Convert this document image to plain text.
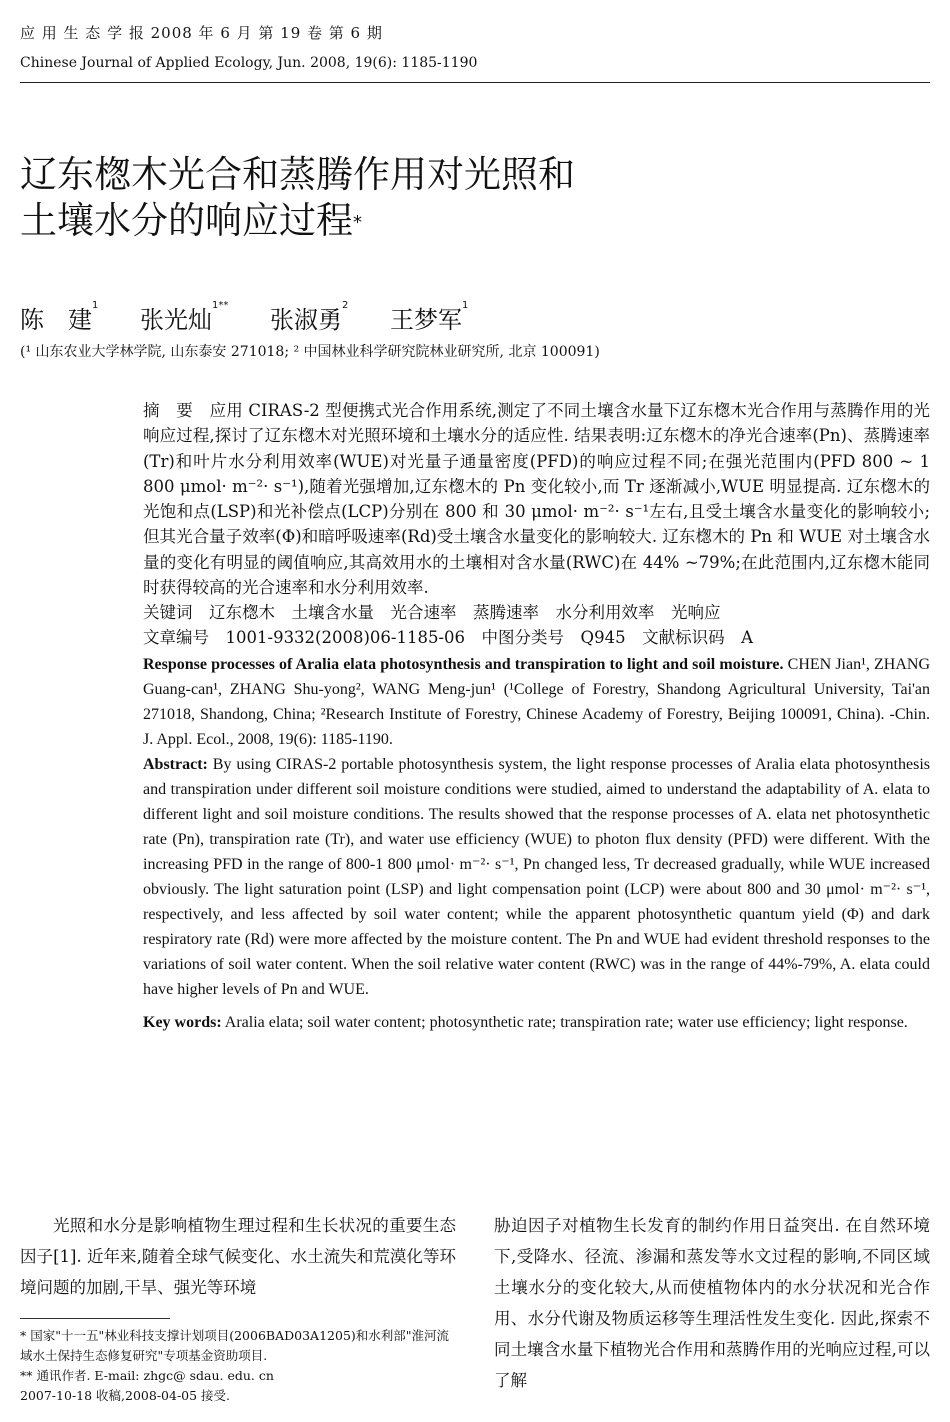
应 用 生 态 学 报 2008 年 6 月 第 19 卷 第 6 期
Chinese Journal of Applied Ecology, Jun. 2008, 19(6): 1185-1190
辽东楤木光合和蒸腾作用对光照和
土壤水分的响应过程*
陈　建$^1$ 张光灿$^{1**}$ 张淑勇$^2$ 王梦军$^1$
(¹ 山东农业大学林学院, 山东泰安 271018; ² 中国林业科学研究院林业研究所, 北京 100091)
摘　要　 应用 CIRAS-2 型便携式光合作用系统,测定了不同土壤含水量下辽东楤木光合作用与蒸腾作用的光响应过程,探讨了辽东楤木对光照环境和土壤水分的适应性. 结果表明:辽东楤木的净光合速率(Pn)、蒸腾速率(Tr)和叶片水分利用效率(WUE)对光量子通量密度(PFD)的响应过程不同;在强光范围内(PFD 800 ~ 1 800 μmol· m⁻²· s⁻¹),随着光强增加,辽东楤木的 Pn 变化较小,而 Tr 逐渐减小,WUE 明显提高. 辽东楤木的光饱和点(LSP)和光补偿点(LCP)分别在 800 和 30 μmol· m⁻²· s⁻¹左右,且受土壤含水量变化的影响较小;但其光合量子效率(Φ)和暗呼吸速率(Rd)受土壤含水量变化的影响较大. 辽东楤木的 Pn 和 WUE 对土壤含水量的变化有明显的阈值响应,其高效用水的土壤相对含水量(RWC)在 44% ~79%;在此范围内,辽东楤木能同时获得较高的光合速率和水分利用效率.
关键词　 辽东楤木　土壤含水量　光合速率　蒸腾速率　水分利用效率　光响应
文章编号　1001-9332(2008)06-1185-06　中图分类号　Q945　文献标识码　A
Response processes of Aralia elata photosynthesis and transpiration to light and soil moisture. CHEN Jian¹, ZHANG Guang-can¹, ZHANG Shu-yong², WANG Meng-jun¹ (¹College of Forestry, Shandong Agricultural University, Tai'an 271018, Shandong, China; ²Research Institute of Forestry, Chinese Academy of Forestry, Beijing 100091, China). -Chin. J. Appl. Ecol., 2008, 19(6): 1185-1190.
Abstract: By using CIRAS-2 portable photosynthesis system, the light response processes of Aralia elata photosynthesis and transpiration under different soil moisture conditions were studied, aimed to understand the adaptability of A. elata to different light and soil moisture conditions. The results showed that the response processes of A. elata net photosynthetic rate (Pn), transpiration rate (Tr), and water use efficiency (WUE) to photon flux density (PFD) were different. With the increasing PFD in the range of 800-1 800 μmol· m⁻²· s⁻¹, Pn changed less, Tr decreased gradually, while WUE increased obviously. The light saturation point (LSP) and light compensation point (LCP) were about 800 and 30 μmol· m⁻²· s⁻¹, respectively, and less affected by soil water content; while the apparent photosynthetic quantum yield (Φ) and dark respiratory rate (Rd) were more affected by the moisture content. The Pn and WUE had evident threshold responses to the variations of soil water content. When the soil relative water content (RWC) was in the range of 44%-79%, A. elata could have higher levels of Pn and WUE.
Key words: Aralia elata; soil water content; photosynthetic rate; transpiration rate; water use efficiency; light response.
光照和水分是影响植物生理过程和生长状况的重要生态因子[1]. 近年来,随着全球气候变化、水土流失和荒漠化等环境问题的加剧,干旱、强光等环境
胁迫因子对植物生长发育的制约作用日益突出. 在自然环境下,受降水、径流、渗漏和蒸发等水文过程的影响,不同区域土壤水分的变化较大,从而使植物体内的水分状况和光合作用、水分代谢及物质运移等生理活性发生变化. 因此,探索不同土壤含水量下植物光合作用和蒸腾作用的光响应过程,可以了解
* 国家"十一五"林业科技支撑计划项目(2006BAD03A1205)和水利部"淮河流域水土保持生态修复研究"专项基金资助项目.
** 通讯作者. E-mail: zhgc@ sdau. edu. cn
2007-10-18 收稿,2008-04-05 接受.
